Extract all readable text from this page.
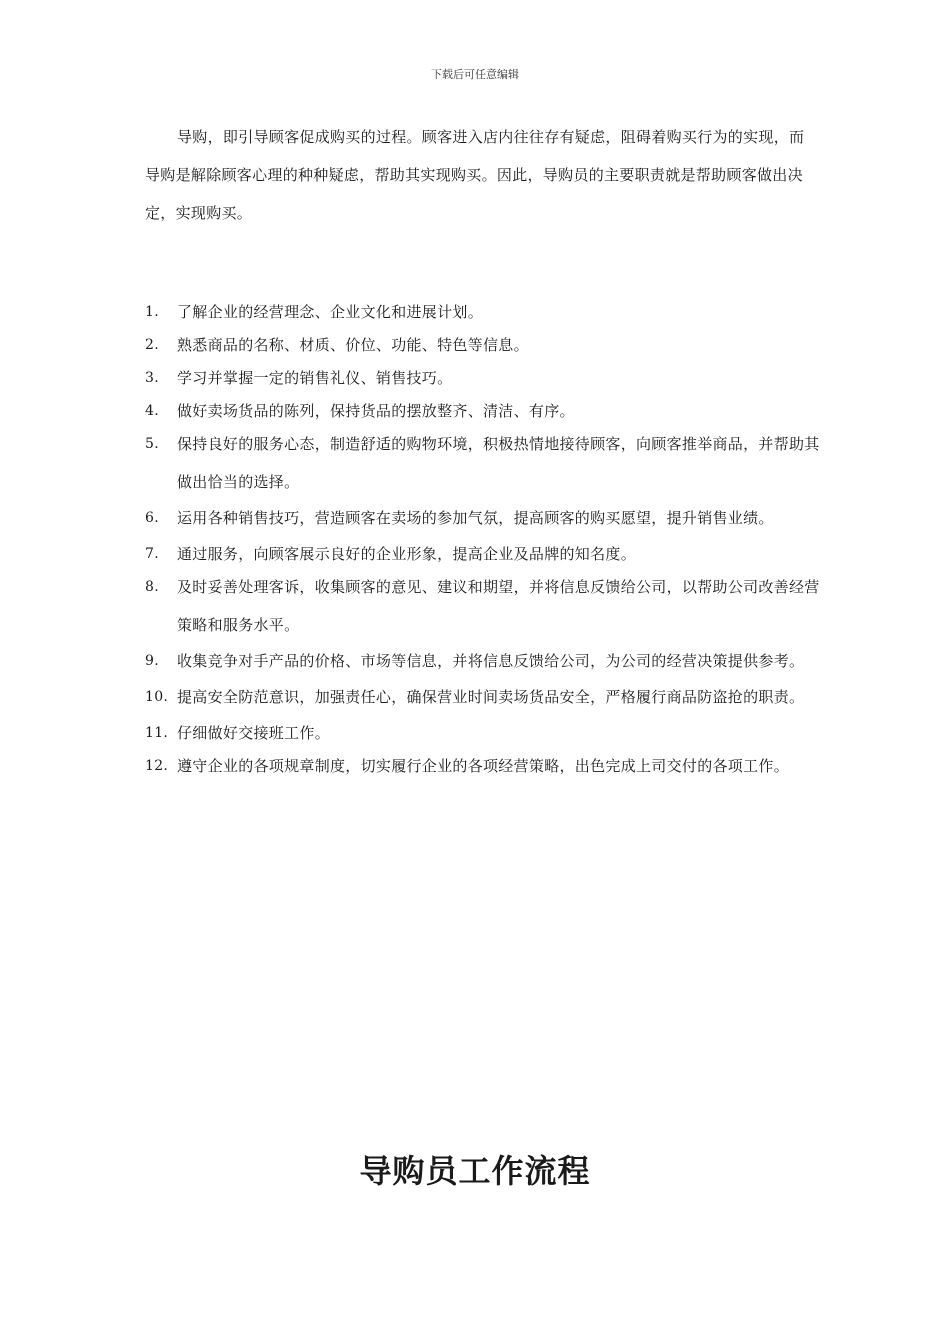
下载后可任意编辑

导购，即引导顾客促成购买的过程。顾客进入店内往往存有疑虑，阻碍着购买行为的实现，而导购是解除顾客心理的种种疑虑，帮助其实现购买。因此，导购员的主要职责就是帮助顾客做出决定，实现购买。

1.	了解企业的经营理念、企业文化和进展计划。
2.	熟悉商品的名称、材质、价位、功能、特色等信息。
3.	学习并掌握一定的销售礼仪、销售技巧。
4.	做好卖场货品的陈列，保持货品的摆放整齐、清洁、有序。
5.	保持良好的服务心态，制造舒适的购物环境，积极热情地接待顾客，向顾客推举商品，并帮助其做出恰当的选择。
6.	运用各种销售技巧，营造顾客在卖场的参加气氛，提高顾客的购买愿望，提升销售业绩。
7.	通过服务，向顾客展示良好的企业形象，提高企业及品牌的知名度。
8.	及时妥善处理客诉，收集顾客的意见、建议和期望，并将信息反馈给公司，以帮助公司改善经营策略和服务水平。
9.	收集竞争对手产品的价格、市场等信息，并将信息反馈给公司，为公司的经营决策提供参考。
10. 提高安全防范意识，加强责任心，确保营业时间卖场货品安全，严格履行商品防盗抢的职责。
11. 仔细做好交接班工作。
12. 遵守企业的各项规章制度，切实履行企业的各项经营策略，出色完成上司交付的各项工作。
导购员工作流程
